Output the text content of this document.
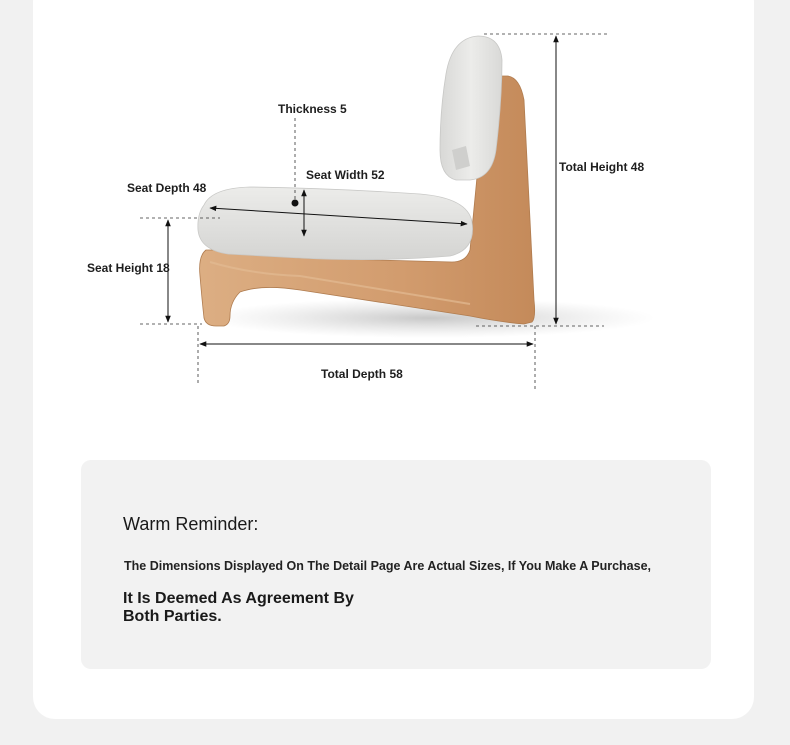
Thickness 5
Seat Width 52
Seat Depth 48
Total Height 48
Seat Height 18
Total Depth 58
Warm Reminder:
The Dimensions Displayed On The Detail Page Are Actual Sizes, If You Make A Purchase,
It Is Deemed As Agreement By Both Parties.
